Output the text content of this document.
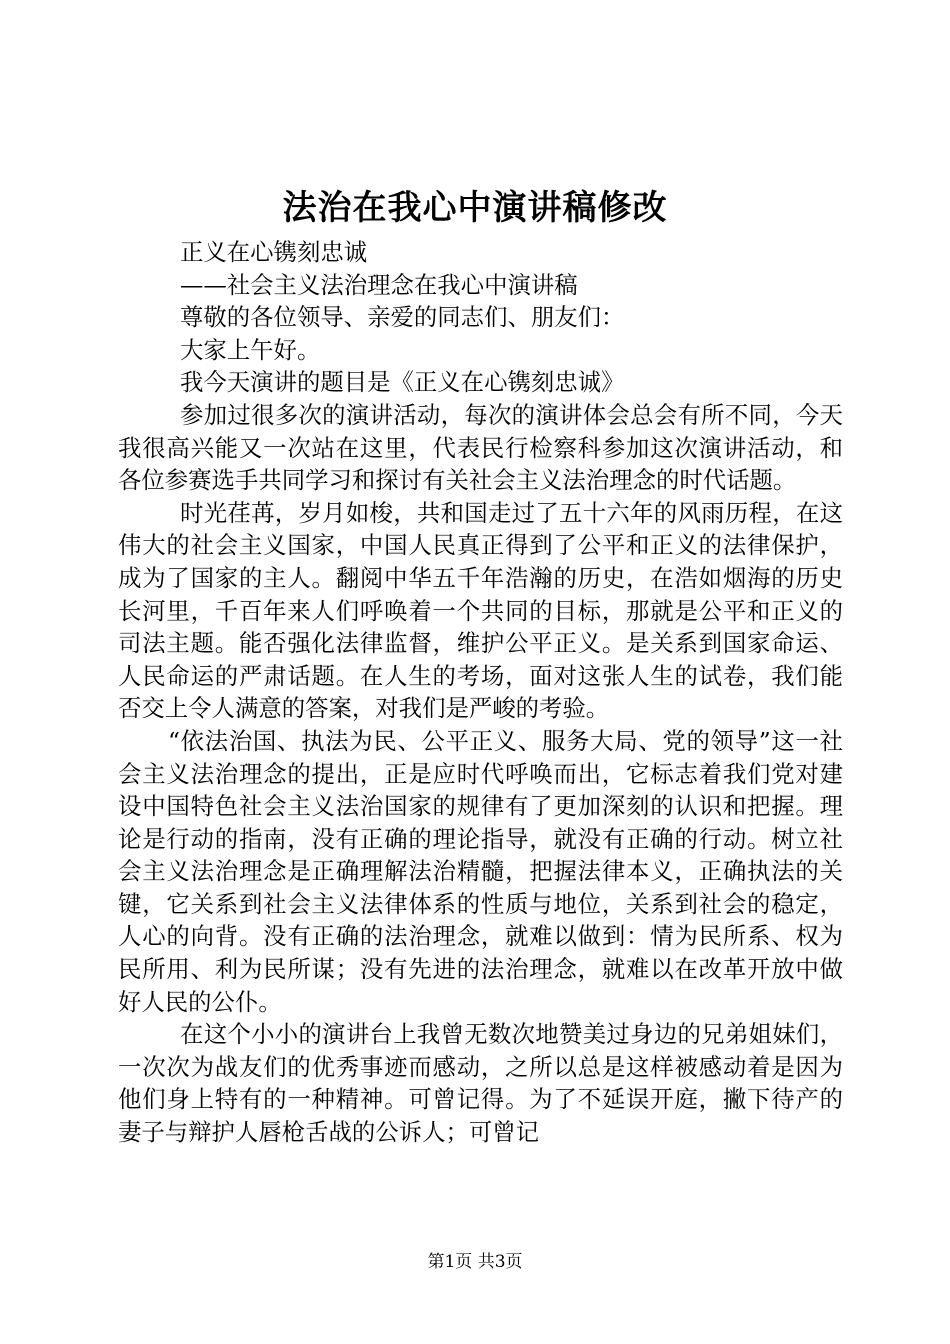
法治在我心中演讲稿修改

正义在心镌刻忠诚

——社会主义法治理念在我心中演讲稿

尊敬的各位领导、亲爱的同志们、朋友们：

大家上午好。

我今天演讲的题目是《正义在心镌刻忠诚》

参加过很多次的演讲活动，每次的演讲体会总会有所不同，今天我很高兴能又一次站在这里，代表民行检察科参加这次演讲活动，和各位参赛选手共同学习和探讨有关社会主义法治理念的时代话题。

时光荏苒，岁月如梭，共和国走过了五十六年的风雨历程，在这伟大的社会主义国家，中国人民真正得到了公平和正义的法律保护，成为了国家的主人。翻阅中华五千年浩瀚的历史，在浩如烟海的历史长河里，千百年来人们呼唤着一个共同的目标，那就是公平和正义的司法主题。能否强化法律监督，维护公平正义。是关系到国家命运、人民命运的严肃话题。在人生的考场，面对这张人生的试卷，我们能否交上令人满意的答案，对我们是严峻的考验。

“依法治国、执法为民、公平正义、服务大局、党的领导”这一社会主义法治理念的提出，正是应时代呼唤而出，它标志着我们党对建设中国特色社会主义法治国家的规律有了更加深刻的认识和把握。理论是行动的指南，没有正确的理论指导，就没有正确的行动。树立社会主义法治理念是正确理解法治精髓，把握法律本义，正确执法的关键，它关系到社会主义法律体系的性质与地位，关系到社会的稳定，人心的向背。没有正确的法治理念，就难以做到：情为民所系、权为民所用、利为民所谋；没有先进的法治理念，就难以在改革开放中做好人民的公仆。

在这个小小的演讲台上我曾无数次地赞美过身边的兄弟姐妹们，一次次为战友们的优秀事迹而感动，之所以总是这样被感动着是因为他们身上特有的一种精神。可曾记得。为了不延误开庭，撇下待产的妻子与辩护人唇枪舌战的公诉人；可曾记

第1页 共3页
